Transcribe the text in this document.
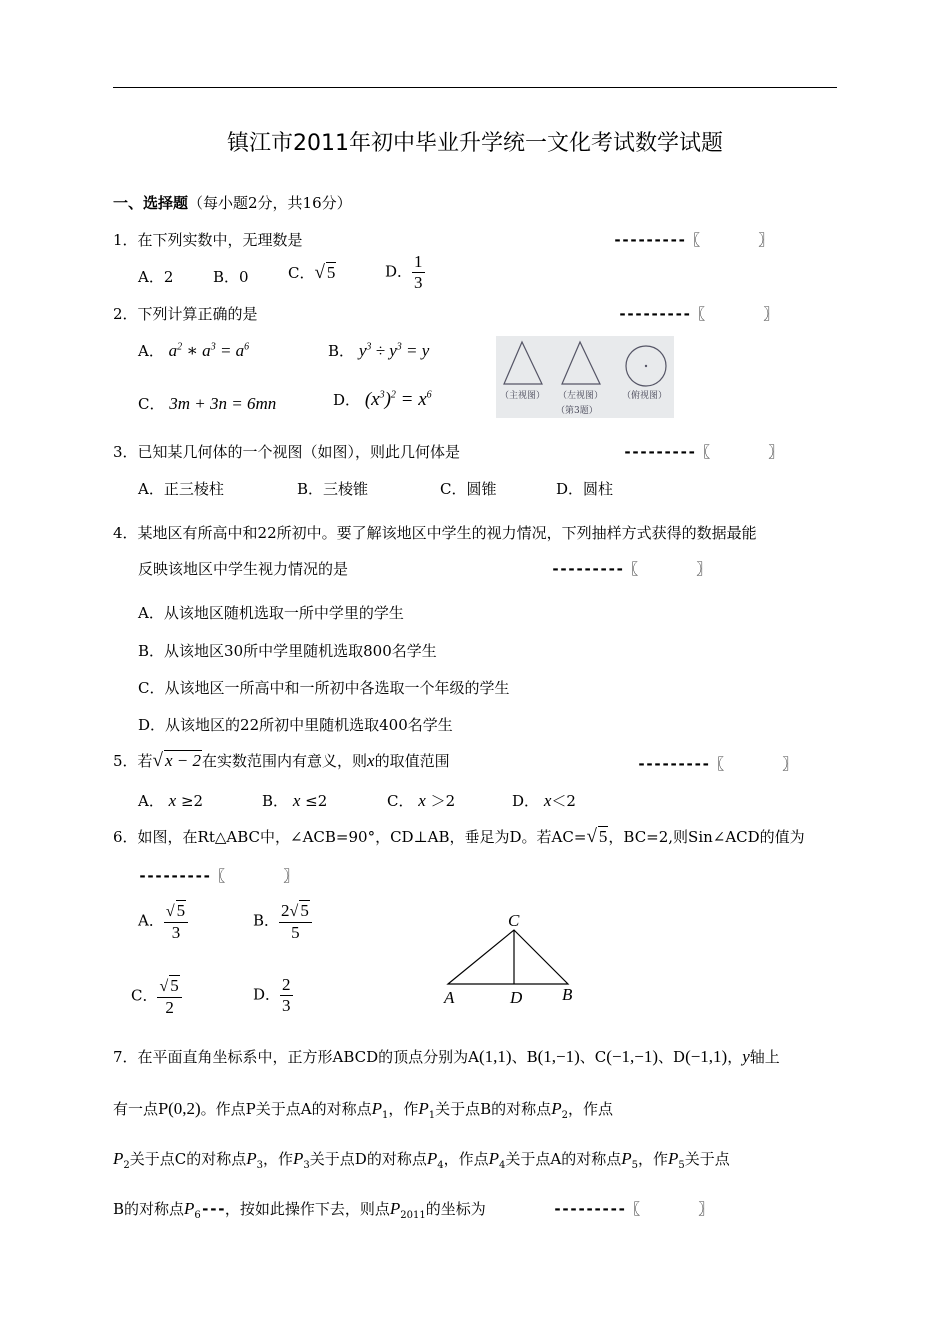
镇江市2011年初中毕业升学统一文化考试数学试题
一、选择题（每小题2分，共16分）
1．在下列实数中，无理数是	---------〖	〗
A．2	B．0	C．√ 5	D． $\frac{1}{3}$
2．下列计算正确的是	---------〖	〗
A． $a^2$ ∗ $a^3 = a^6$	B． $y^3 \div y^3 = y$
C． 3m + 3n = 6mn	D． $(x^3)^2 = x^6$	（主视图） （左视图） （俯视图）
（第3题）
3．已知某几何体的一个视图（如图），则此几何体是	---------〖	〗
A．正三棱柱	B．三棱锥	C．圆锥	D．圆柱
4．某地区有所高中和22所初中。要了解该地区中学生的视力情况，下列抽样方式获得的数据最能
反映该地区中学生视力情况的是	---------〖	〗
A．从该地区随机选取一所中学里的学生
B．从该地区30所中学里随机选取800名学生
C．从该地区一所高中和一所初中各选取一个年级的学生
D．从该地区的22所初中里随机选取400名学生
5．若√ x − 2在实数范围内有意义，则x的取值范围	---------〖	〗
A． x ≥2	B． x ≤2	C． x ＞2	D． x＜2
6．如图，在Rt△ABC中，∠ACB=90°，CD⊥AB，垂足为D。若AC=√ 5，BC=2,则Sin∠ACD的值为
---------〖	〗
A． $\frac{√ 5}{3}$	B． $\frac{2√ 5}{5}$
C． $\frac{√ 5}{2}$	D． $\frac{2}{3}$
C
A	D B
7．在平面直角坐标系中，正方形ABCD的顶点分别为A(1,1)、B(1,−1)、C(−1,−1)、D(−1,1)，y轴上
有一点P(0,2)。作点P关于点A的对称点$P_1$，作$P_1$关于点B的对称点$P_2$，作点
$P_2$关于点C的对称点$P_3$，作$P_3$关于点D的对称点$P_4$，作点$P_4$关于点A的对称点$P_5$，作$P_5$关于点
B的对称点$P_6---$，按如此操作下去，则点$P_{2011}$的坐标为	---------〖	〗
